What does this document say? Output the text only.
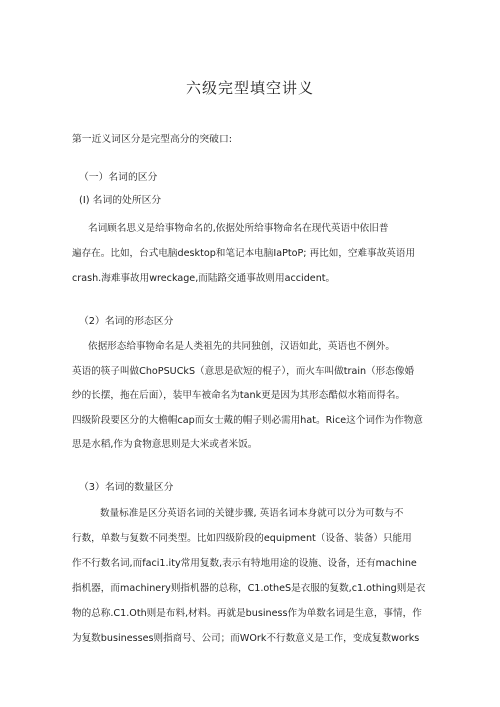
六级完型填空讲义
第一近义词区分是完型高分的突破口:
（一）名词的区分
(I) 名词的处所区分
名词顾名思义是给事物命名的,依据处所给事物命名在现代英语中依旧普
遍存在。比如，台式电脑desktop和笔记本电脑IaPtoP; 再比如，空难事故英语用
crash.海难事故用wreckage,而陆路交通事故则用accident。
（2）名词的形态区分
依据形态给事物命名是人类祖先的共同独创，汉语如此，英语也不例外。
英语的筷子叫做ChoPSUCkS（意思是砍短的棍子），而火车叫做train（形态像婚
纱的长摆，拖在后面），装甲车被命名为tank更是因为其形态酷似水箱而得名。
四级阶段要区分的大檐帽cap而女士戴的帽子则必需用hat。Rice这个词作为作物意
思是水稻,作为食物意思则是大米或者米饭。
（3）名词的数量区分
数量标准是区分英语名词的关键步骤, 英语名词本身就可以分为可数与不
行数，单数与复数不同类型。比如四级阶段的equipment（设备、装备）只能用
作不行数名词,而faci1.ity常用复数,表示有特地用途的设施、设备，还有machine
指机器，而machinery则指机器的总称，C1.otheS是衣服的复数,c1.othing则是衣
物的总称.C1.Oth则是布料,材料。再就是business作为单数名词是生意，事情，作
为复数businesses则指商号、公司；而WOrk不行数意义是工作，变成复数works
